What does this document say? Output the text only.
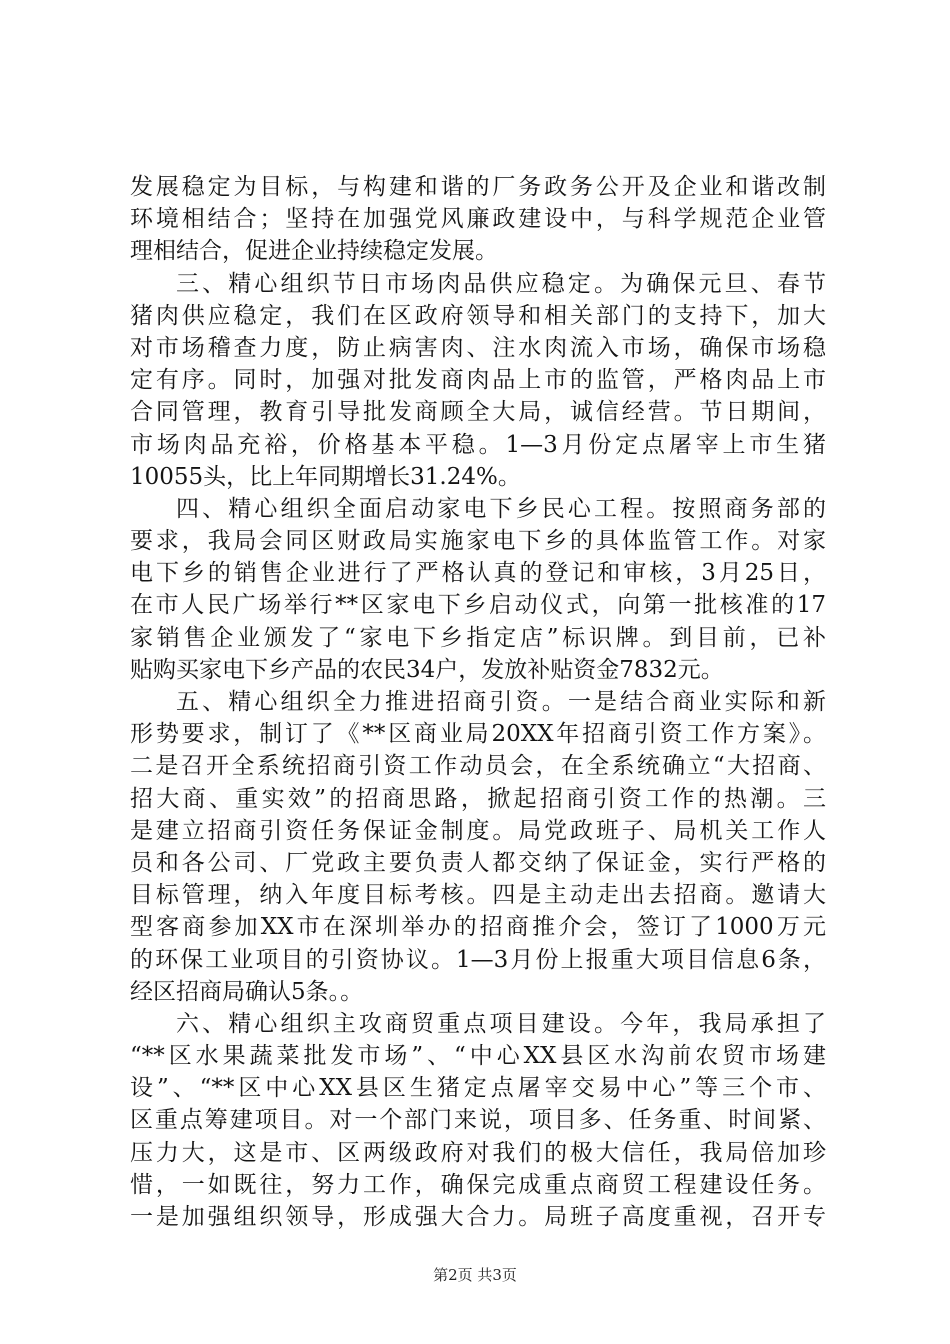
发展稳定为目标，与构建和谐的厂务政务公开及企业和谐改制
环境相结合；坚持在加强党风廉政建设中，与科学规范企业管
理相结合，促进企业持续稳定发展。
三、精心组织节日市场肉品供应稳定。为确保元旦、春节
猪肉供应稳定，我们在区政府领导和相关部门的支持下，加大
对市场稽查力度，防止病害肉、注水肉流入市场，确保市场稳
定有序。同时，加强对批发商肉品上市的监管，严格肉品上市
合同管理，教育引导批发商顾全大局，诚信经营。节日期间，
市场肉品充裕，价格基本平稳。1—3月份定点屠宰上市生猪
10055头，比上年同期增长31.24%。
四、精心组织全面启动家电下乡民心工程。按照商务部的
要求，我局会同区财政局实施家电下乡的具体监管工作。对家
电下乡的销售企业进行了严格认真的登记和审核，3月25日，
在市人民广场举行**区家电下乡启动仪式，向第一批核准的17
家销售企业颁发了“家电下乡指定店”标识牌。到目前，已补
贴购买家电下乡产品的农民34户，发放补贴资金7832元。
五、精心组织全力推进招商引资。一是结合商业实际和新
形势要求，制订了《**区商业局20XX年招商引资工作方案》。
二是召开全系统招商引资工作动员会，在全系统确立“大招商、
招大商、重实效”的招商思路，掀起招商引资工作的热潮。三
是建立招商引资任务保证金制度。局党政班子、局机关工作人
员和各公司、厂党政主要负责人都交纳了保证金，实行严格的
目标管理，纳入年度目标考核。四是主动走出去招商。邀请大
型客商参加XX市在深圳举办的招商推介会，签订了1000万元
的环保工业项目的引资协议。1—3月份上报重大项目信息6条，
经区招商局确认5条。。
六、精心组织主攻商贸重点项目建设。今年，我局承担了
“**区水果蔬菜批发市场”、“中心XX县区水沟前农贸市场建
设”、“**区中心XX县区生猪定点屠宰交易中心”等三个市、
区重点筹建项目。对一个部门来说，项目多、任务重、时间紧、
压力大，这是市、区两级政府对我们的极大信任，我局倍加珍
惜，一如既往，努力工作，确保完成重点商贸工程建设任务。
一是加强组织领导，形成强大合力。局班子高度重视，召开专
第2页 共3页
